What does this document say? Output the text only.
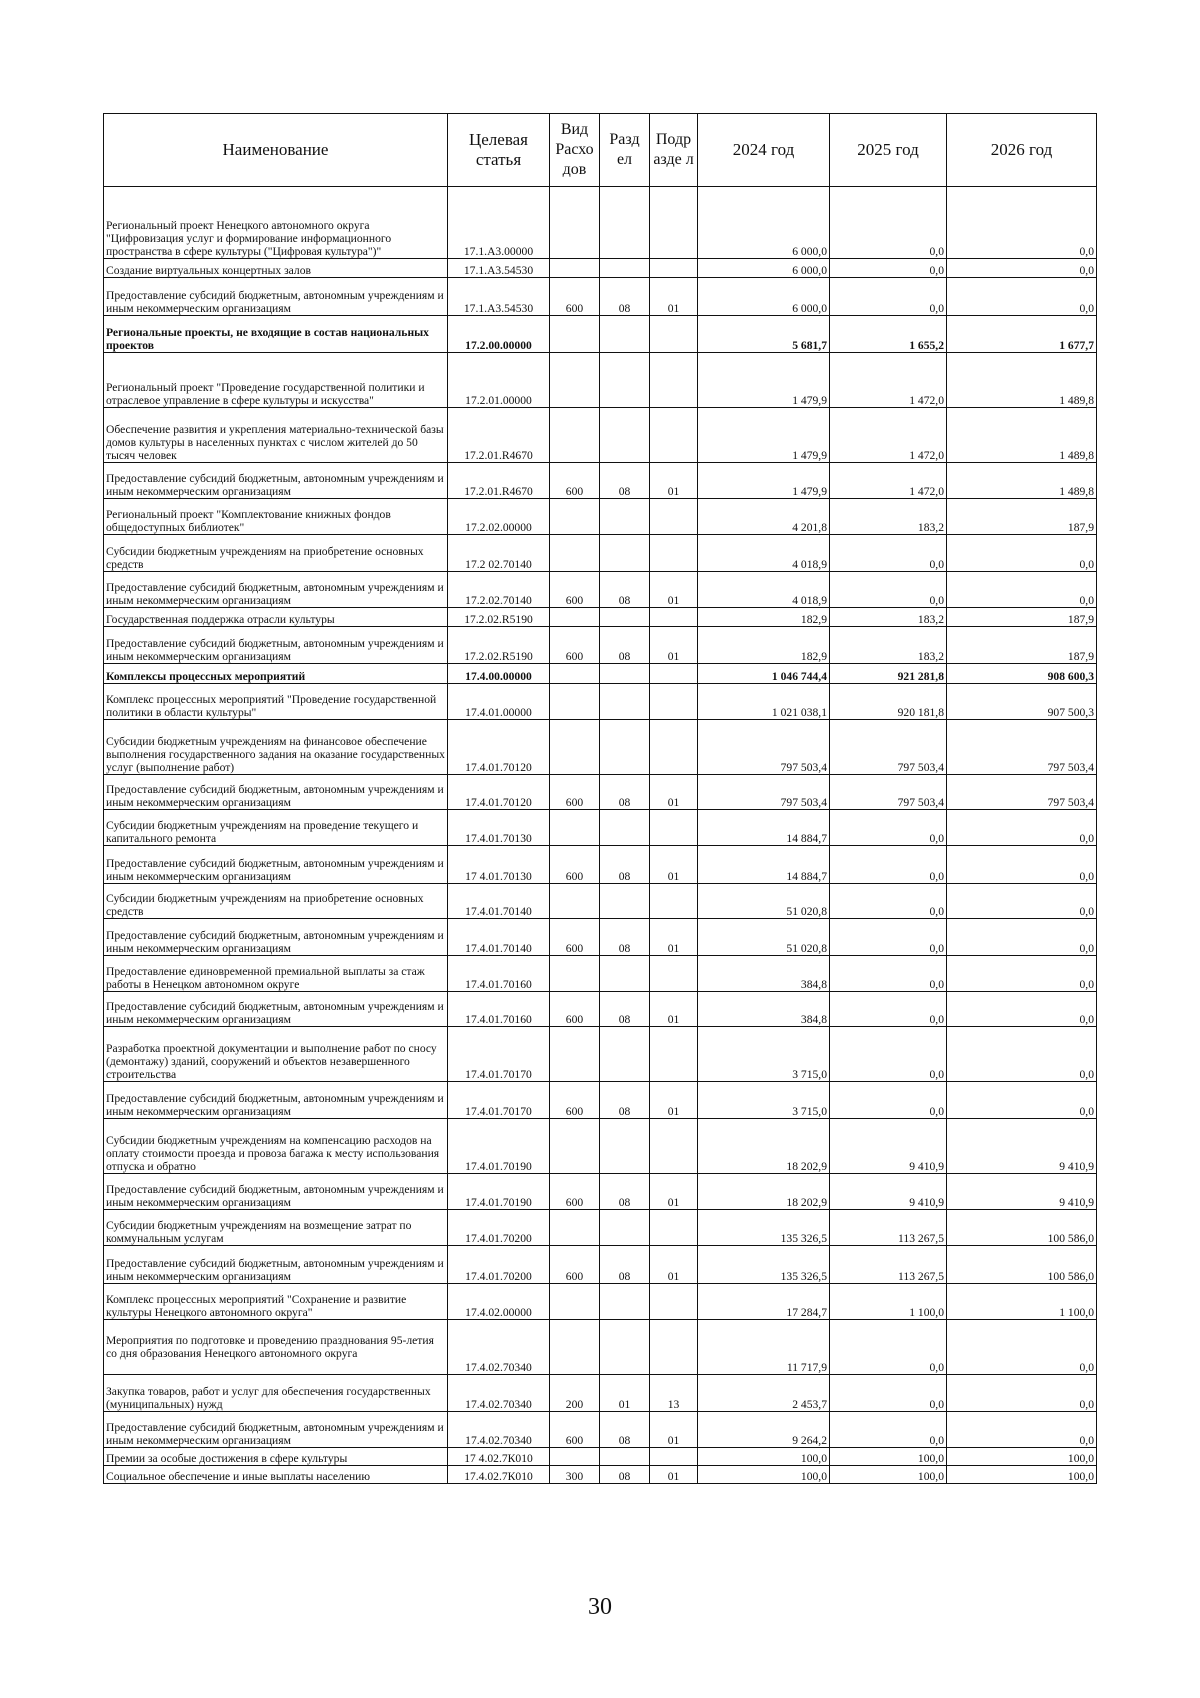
Наименование	Целевая статья	Вид Расхо дов	Разд ел	Подр азде л	2024 год	2025 год	2026 год
Региональный проект Ненецкого автономного округа "Цифровизация услуг и формирование информационного пространства в сфере культуры ("Цифровая культура")"	17.1.A3.00000				6 000,0	0,0	0,0
Создание виртуальных концертных залов	17.1.A3.54530				6 000,0	0,0	0,0
Предоставление субсидий бюджетным, автономным учреждениям и иным некоммерческим организациям	17.1.A3.54530	600	08	01	6 000,0	0,0	0,0
Региональные проекты, не входящие в состав национальных проектов	17.2.00.00000				5 681,7	1 655,2	1 677,7
Региональный проект "Проведение государственной политики и отраслевое управление в сфере культуры и искусства"	17.2.01.00000				1 479,9	1 472,0	1 489,8
Обеспечение развития и укрепления материально-технической базы домов культуры в населенных пунктах с числом жителей до 50 тысяч человек	17.2.01.R4670				1 479,9	1 472,0	1 489,8
Предоставление субсидий бюджетным, автономным учреждениям и иным некоммерческим организациям	17.2.01.R4670	600	08	01	1 479,9	1 472,0	1 489,8
Региональный проект "Комплектование книжных фондов общедоступных библиотек"	17.2.02.00000				4 201,8	183,2	187,9
Субсидии бюджетным учреждениям на приобретение основных средств	17.2 02.70140				4 018,9	0,0	0,0
Предоставление субсидий бюджетным, автономным учреждениям и иным некоммерческим организациям	17.2.02.70140	600	08	01	4 018,9	0,0	0,0
Государственная поддержка отрасли культуры	17.2.02.R5190				182,9	183,2	187,9
Предоставление субсидий бюджетным, автономным учреждениям и иным некоммерческим организациям	17.2.02.R5190	600	08	01	182,9	183,2	187,9
Комплексы процессных мероприятий	17.4.00.00000				1 046 744,4	921 281,8	908 600,3
Комплекс процессных мероприятий "Проведение государственной политики в области культуры"	17.4.01.00000				1 021 038,1	920 181,8	907 500,3
Субсидии бюджетным учреждениям на финансовое обеспечение выполнения государственного задания на оказание государственных услуг (выполнение работ)	17.4.01.70120				797 503,4	797 503,4	797 503,4
Предоставление субсидий бюджетным, автономным учреждениям и иным некоммерческим организациям	17.4.01.70120	600	08	01	797 503,4	797 503,4	797 503,4
Субсидии бюджетным учреждениям на проведение текущего и капитального ремонта	17.4.01.70130				14 884,7	0,0	0,0
Предоставление субсидий бюджетным, автономным учреждениям и иным некоммерческим организациям	17 4.01.70130	600	08	01	14 884,7	0,0	0,0
Субсидии бюджетным учреждениям на приобретение основных средств	17.4.01.70140				51 020,8	0,0	0,0
Предоставление субсидий бюджетным, автономным учреждениям и иным некоммерческим организациям	17.4.01.70140	600	08	01	51 020,8	0,0	0,0
Предоставление единовременной премиальной выплаты за стаж работы в Ненецком автономном округе	17.4.01.70160				384,8	0,0	0,0
Предоставление субсидий бюджетным, автономным учреждениям и иным некоммерческим организациям	17.4.01.70160	600	08	01	384,8	0,0	0,0
Разработка проектной документации и выполнение работ по сносу (демонтажу) зданий, сооружений и объектов незавершенного строительства	17.4.01.70170				3 715,0	0,0	0,0
Предоставление субсидий бюджетным, автономным учреждениям и иным некоммерческим организациям	17.4.01.70170	600	08	01	3 715,0	0,0	0,0
Субсидии бюджетным учреждениям на компенсацию расходов на оплату стоимости проезда и провоза багажа к месту использования отпуска и обратно	17.4.01.70190				18 202,9	9 410,9	9 410,9
Предоставление субсидий бюджетным, автономным учреждениям и иным некоммерческим организациям	17.4.01.70190	600	08	01	18 202,9	9 410,9	9 410,9
Субсидии бюджетным учреждениям на возмещение затрат по коммунальным услугам	17.4.01.70200				135 326,5	113 267,5	100 586,0
Предоставление субсидий бюджетным, автономным учреждениям и иным некоммерческим организациям	17.4.01.70200	600	08	01	135 326,5	113 267,5	100 586,0
Комплекс процессных мероприятий "Сохранение и развитие культуры Ненецкого автономного округа"	17.4.02.00000				17 284,7	1 100,0	1 100,0
Мероприятия по подготовке и проведению празднования 95-летия со дня образования Ненецкого автономного округа	17.4.02.70340				11 717,9	0,0	0,0
Закупка товаров, работ и услуг для обеспечения государственных (муниципальных) нужд	17.4.02.70340	200	01	13	2 453,7	0,0	0,0
Предоставление субсидий бюджетным, автономным учреждениям и иным некоммерческим организациям	17.4.02.70340	600	08	01	9 264,2	0,0	0,0
Премии за особые достижения в сфере культуры	17 4.02.7К010				100,0	100,0	100,0
Социальное обеспечение и иные выплаты населению	17.4.02.7К010	300	08	01	100,0	100,0	100,0
30
